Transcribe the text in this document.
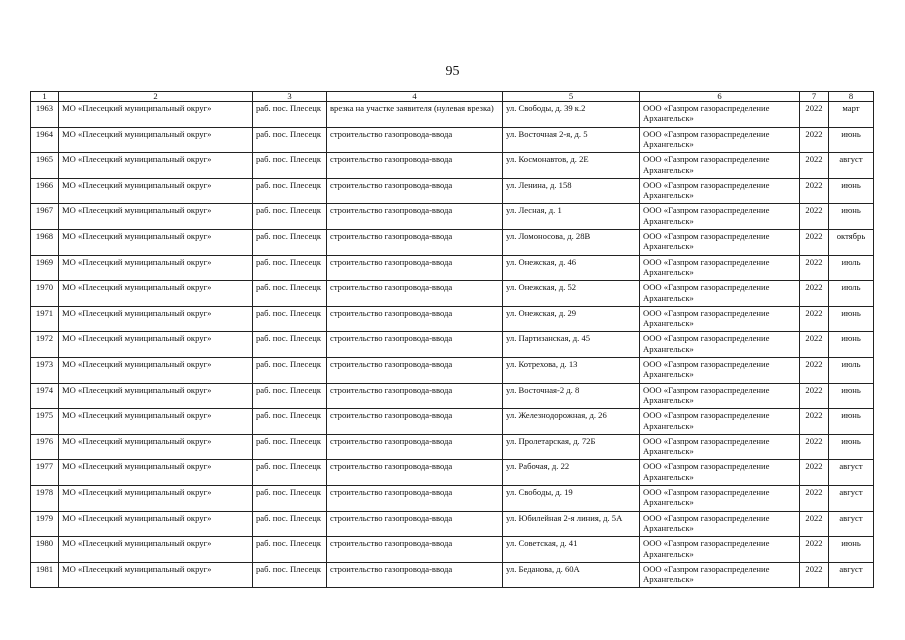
95
1	2	3	4	5	6	7	8
1963	МО «Плесецкий муниципальный округ»	раб. пос. Плесецк	врезка на участке заявителя (нулевая врезка)	ул. Свободы, д. 39 к.2	ООО «Газпром газораспределение Архангельск»	2022	март
1964	МО «Плесецкий муниципальный округ»	раб. пос. Плесецк	строительство газопровода-ввода	ул. Восточная 2-я, д. 5	ООО «Газпром газораспределение Архангельск»	2022	июнь
1965	МО «Плесецкий муниципальный округ»	раб. пос. Плесецк	строительство газопровода-ввода	ул. Космонавтов, д. 2Е	ООО «Газпром газораспределение Архангельск»	2022	август
1966	МО «Плесецкий муниципальный округ»	раб. пос. Плесецк	строительство газопровода-ввода	ул. Ленина, д. 158	ООО «Газпром газораспределение Архангельск»	2022	июнь
1967	МО «Плесецкий муниципальный округ»	раб. пос. Плесецк	строительство газопровода-ввода	ул. Лесная, д. 1	ООО «Газпром газораспределение Архангельск»	2022	июнь
1968	МО «Плесецкий муниципальный округ»	раб. пос. Плесецк	строительство газопровода-ввода	ул. Ломоносова, д. 28В	ООО «Газпром газораспределение Архангельск»	2022	октябрь
1969	МО «Плесецкий муниципальный округ»	раб. пос. Плесецк	строительство газопровода-ввода	ул. Онежская, д. 46	ООО «Газпром газораспределение Архангельск»	2022	июль
1970	МО «Плесецкий муниципальный округ»	раб. пос. Плесецк	строительство газопровода-ввода	ул. Онежская, д. 52	ООО «Газпром газораспределение Архангельск»	2022	июль
1971	МО «Плесецкий муниципальный округ»	раб. пос. Плесецк	строительство газопровода-ввода	ул. Онежская, д. 29	ООО «Газпром газораспределение Архангельск»	2022	июнь
1972	МО «Плесецкий муниципальный округ»	раб. пос. Плесецк	строительство газопровода-ввода	ул. Партизанская, д. 45	ООО «Газпром газораспределение Архангельск»	2022	июнь
1973	МО «Плесецкий муниципальный округ»	раб. пос. Плесецк	строительство газопровода-ввода	ул. Котрехова, д. 13	ООО «Газпром газораспределение Архангельск»	2022	июль
1974	МО «Плесецкий муниципальный округ»	раб. пос. Плесецк	строительство газопровода-ввода	ул. Восточная-2 д. 8	ООО «Газпром газораспределение Архангельск»	2022	июнь
1975	МО «Плесецкий муниципальный округ»	раб. пос. Плесецк	строительство газопровода-ввода	ул. Железнодорожная, д. 26	ООО «Газпром газораспределение Архангельск»	2022	июнь
1976	МО «Плесецкий муниципальный округ»	раб. пос. Плесецк	строительство газопровода-ввода	ул. Пролетарская, д. 72Б	ООО «Газпром газораспределение Архангельск»	2022	июнь
1977	МО «Плесецкий муниципальный округ»	раб. пос. Плесецк	строительство газопровода-ввода	ул. Рабочая, д. 22	ООО «Газпром газораспределение Архангельск»	2022	август
1978	МО «Плесецкий муниципальный округ»	раб. пос. Плесецк	строительство газопровода-ввода	ул. Свободы, д. 19	ООО «Газпром газораспределение Архангельск»	2022	август
1979	МО «Плесецкий муниципальный округ»	раб. пос. Плесецк	строительство газопровода-ввода	ул. Юбилейная 2-я линия, д. 5А	ООО «Газпром газораспределение Архангельск»	2022	август
1980	МО «Плесецкий муниципальный округ»	раб. пос. Плесецк	строительство газопровода-ввода	ул. Советская, д. 41	ООО «Газпром газораспределение Архангельск»	2022	июнь
1981	МО «Плесецкий муниципальный округ»	раб. пос. Плесецк	строительство газопровода-ввода	ул. Беданова, д. 60А	ООО «Газпром газораспределение Архангельск»	2022	август
